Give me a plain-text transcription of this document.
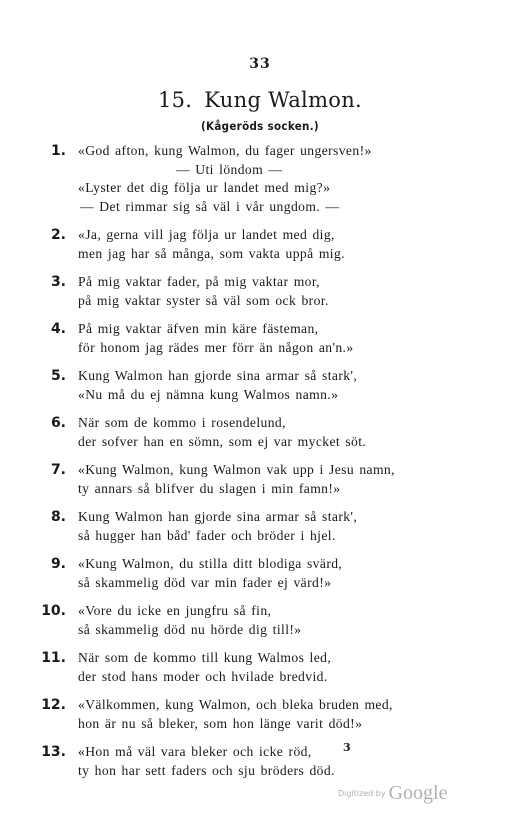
33
15. Kung Walmon.
(Kågeröds socken.)
1. «God afton, kung Walmon, du fager ungersven!»
— Uti löndom —
«Lyster det dig följa ur landet med mig?»
— Det rimmar sig så väl i vår ungdom. —
2. «Ja, gerna vill jag följa ur landet med dig,
men jag har så många, som vakta uppå mig.
3. På mig vaktar fader, på mig vaktar mor,
på mig vaktar syster så väl som ock bror.
4. På mig vaktar äfven min käre fästeman,
för honom jag rädes mer förr än någon an'n.»
5. Kung Walmon han gjorde sina armar så stark',
«Nu må du ej nämna kung Walmos namn.»
6. När som de kommo i rosendelund,
der sofver han en sömn, som ej var mycket söt.
7. «Kung Walmon, kung Walmon vak upp i Jesu namn,
ty annars så blifver du slagen i min famn!»
8. Kung Walmon han gjorde sina armar så stark',
så hugger han båd' fader och bröder i hjel.
9. «Kung Walmon, du stilla ditt blodiga svärd,
så skammelig död var min fader ej värd!»
10. «Vore du icke en jungfru så fin,
så skammelig död nu hörde dig till!»
11. När som de kommo till kung Walmos led,
der stod hans moder och hvilade bredvid.
12. «Välkommen, kung Walmon, och bleka bruden med,
hon är nu så bleker, som hon länge varit död!»
13. «Hon må väl vara bleker och icke röd,
ty hon har sett faders och sju bröders död.
3
Digitized by Google
